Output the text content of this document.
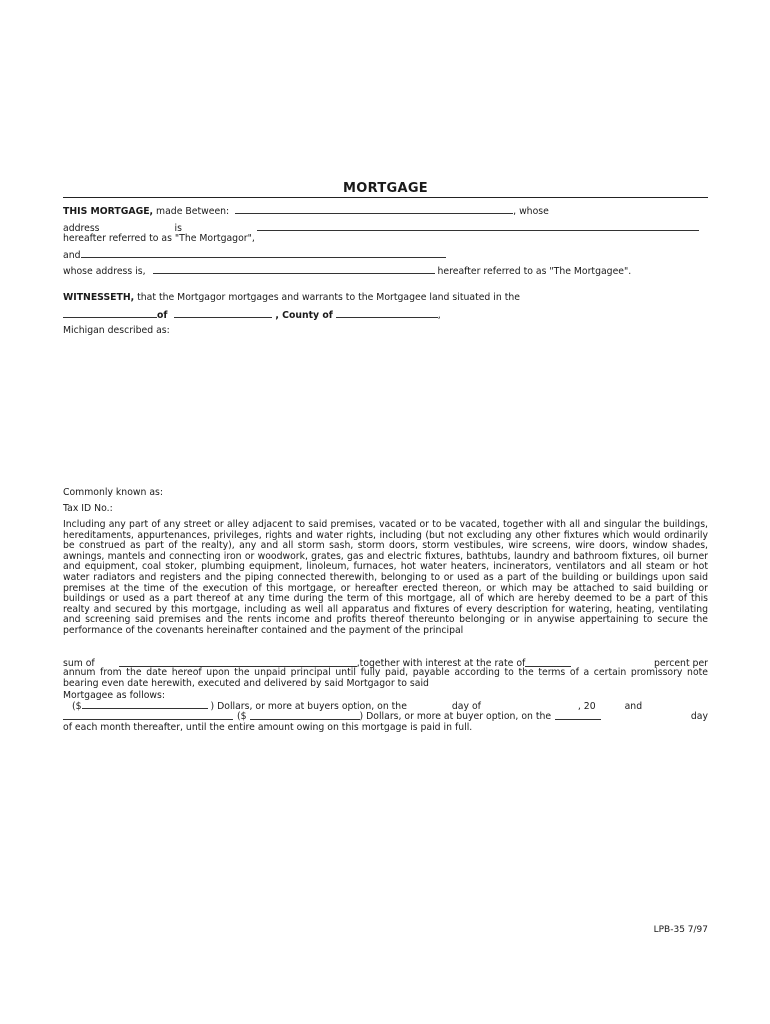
MORTGAGE
THIS MORTGAGE, made Between:	, whose
address	is
hereafter referred to as "The Mortgagor",
and
whose address is,	hereafter referred to as "The Mortgagee".
WITNESSETH, that the Mortgagor mortgages and warrants to the Mortgagee land situated in the
of	, County of	,
Michigan described as:
Commonly known as:
Tax ID No.:
Including any part of any street or alley adjacent to said premises, vacated or to be vacated, together with all and singular the buildings, hereditaments, appurtenances, privileges, rights and water rights, including (but not excluding any other fixtures which would ordinarily be construed as part of the realty), any and all storm sash, storm doors, storm vestibules, wire screens, wire doors, window shades, awnings, mantels and connecting iron or woodwork, grates, gas and electric fixtures, bathtubs, laundry and bathroom fixtures, oil burner and equipment, coal stoker, plumbing equipment, linoleum, furnaces, hot water heaters, incinerators, ventilators and all steam or hot water radiators and registers and the piping connected therewith, belonging to or used as a part of the building or buildings upon said premises at the time of the execution of this mortgage, or hereafter erected thereon, or which may be attached to said building or buildings or used as a part thereof at any time during the term of this mortgage, all of which are hereby deemed to be a part of this realty and secured by this mortgage, including as well all apparatus and fixtures of every description for watering, heating, ventilating and screening said premises and the rents income and profits thereof thereunto belonging or in anywise appertaining to secure the performance of the covenants hereinafter contained and the payment of the principal
sum of	,together with interest at the rate of	percent per
annum from the date hereof upon the unpaid principal until fully paid, payable according to the terms of a certain promissory note bearing even date herewith, executed and delivered by said Mortgagor to said
Mortgagee as follows:
($	) Dollars, or more at buyers option, on the	day of	, 20	and
($	) Dollars, or more at buyer option, on the	day
of each month thereafter, until the entire amount owing on this mortgage is paid in full.
LPB-35 7/97
